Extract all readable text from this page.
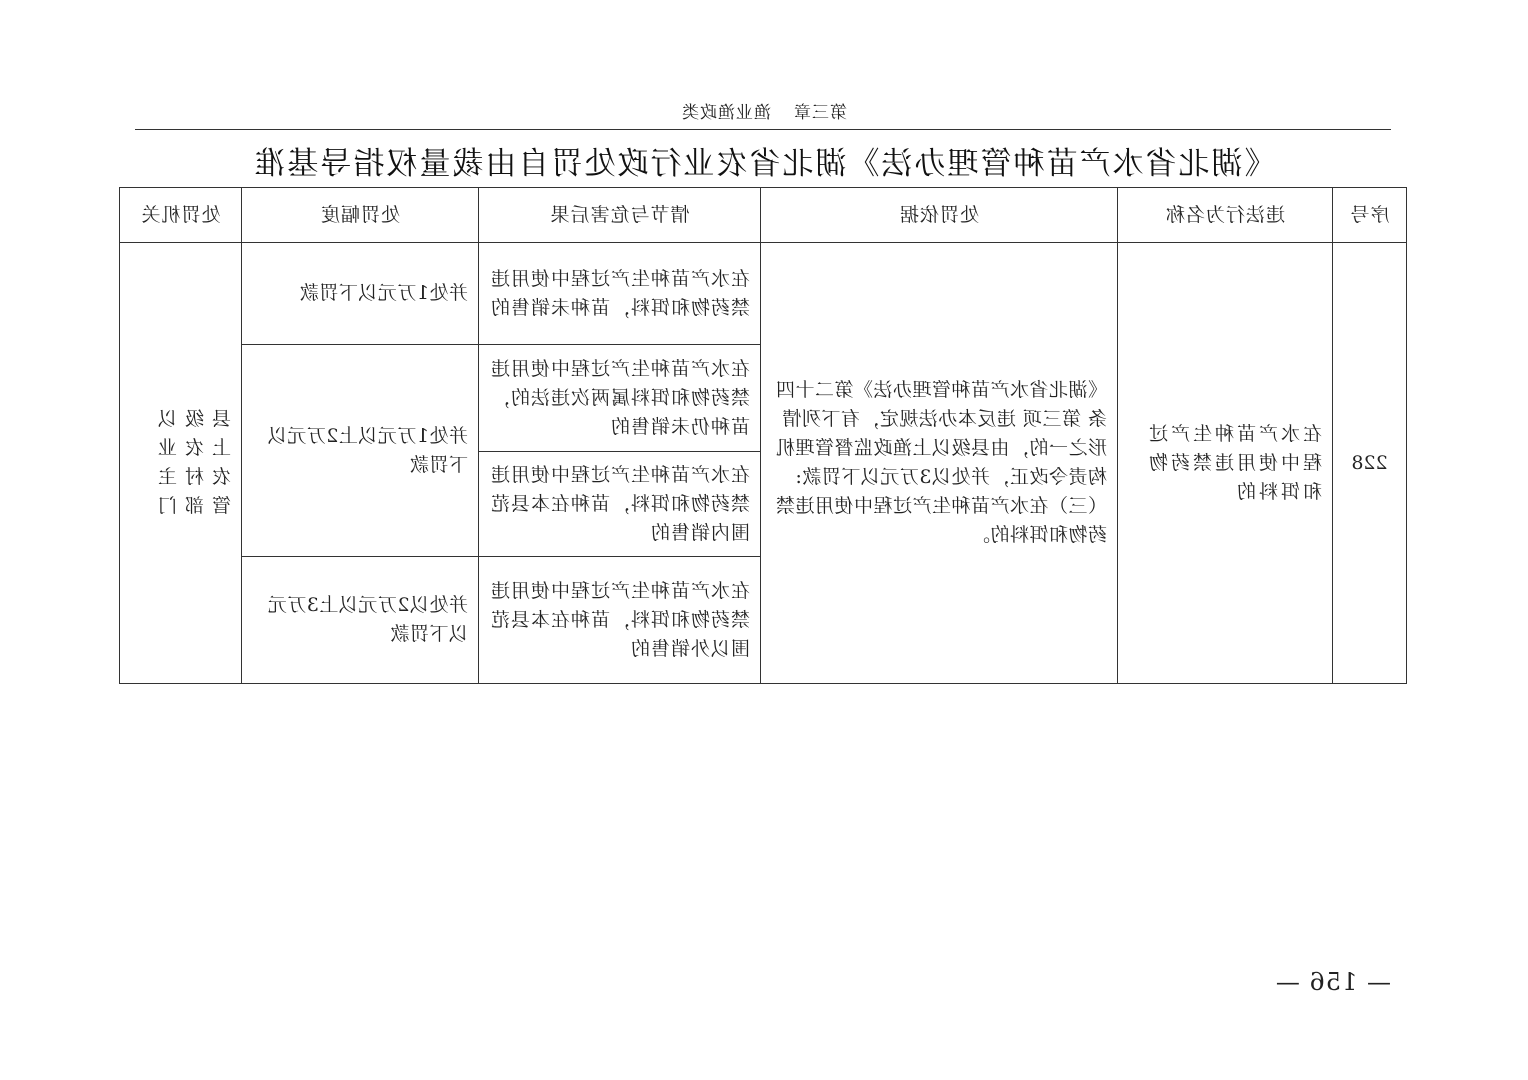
第三章渔业渔政类
《湖北省水产苗种管理办法》湖北省农业行政处罚自由裁量权指导基准
序号	违法行为名称	处罚依据	情节与危害后果	处罚幅度	处罚机关
228	在水产苗种生产过程中使用违禁药物和饵料的	《湖北省水产苗种管理办法》第二十四条 第三项 违反本办法规定，有下列情形之一的，由县级以上渔政监督管理机构责令改正，并处以3万元以下罚款:（三）在水产苗种生产过程中使用违禁药物和饵料的。	在水产苗种生产过程中使用违禁药物和饵料，苗种未销售的	并处1万元以下罚款	县级以上农业农村主管部门
			在水产苗种生产过程中使用违禁药物和饵料属两次违法的，苗种仍未销售的	并处1万元以上2万元以下罚款	
			在水产苗种生产过程中使用违禁药物和饵料，苗种在本县范围内销售的		
			在水产苗种生产过程中使用违禁药物和饵料，苗种在本县范围以外销售的	并处以2万元以上3万元以下罚款	
— 156 —
